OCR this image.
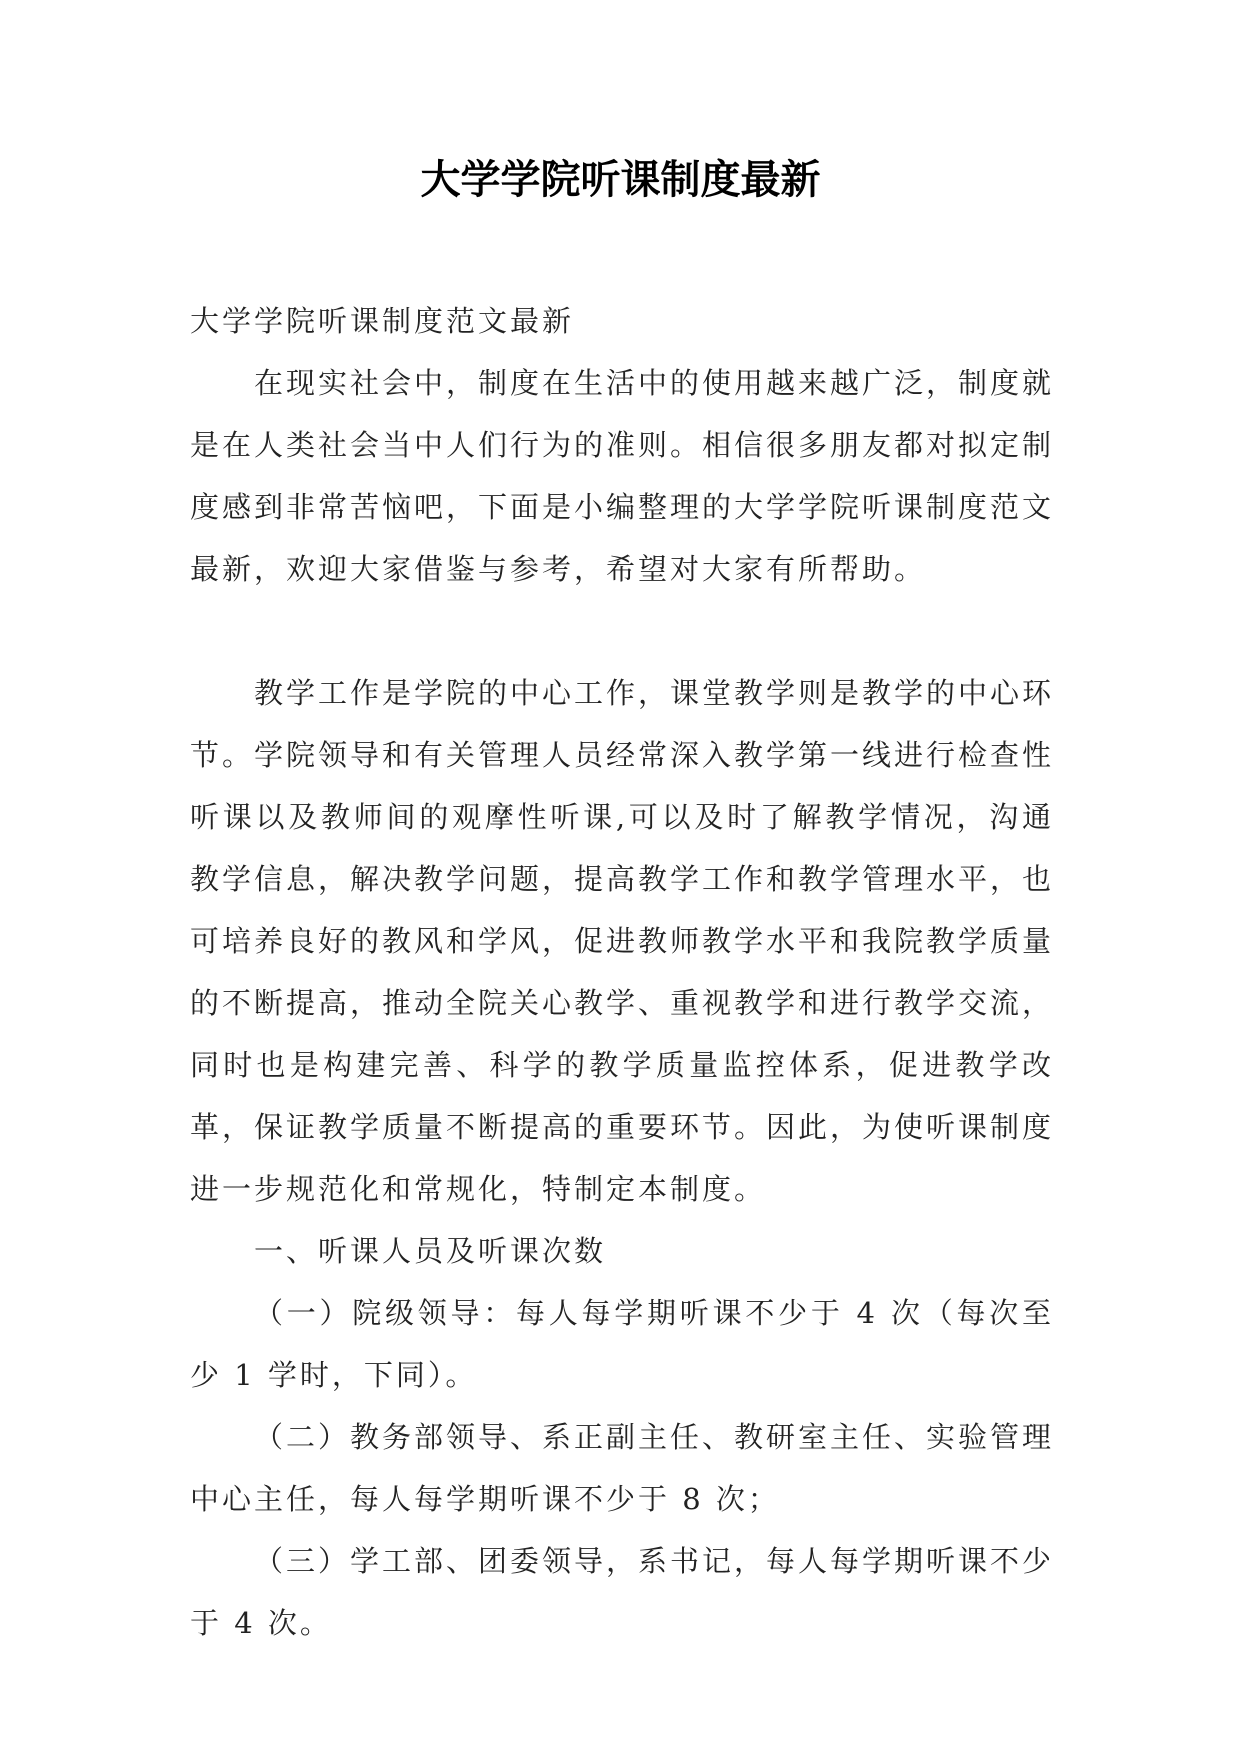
大学学院听课制度最新

大学学院听课制度范文最新

在现实社会中，制度在生活中的使用越来越广泛，制度就是在人类社会当中人们行为的准则。相信很多朋友都对拟定制度感到非常苦恼吧，下面是小编整理的大学学院听课制度范文最新，欢迎大家借鉴与参考，希望对大家有所帮助。

教学工作是学院的中心工作，课堂教学则是教学的中心环节。学院领导和有关管理人员经常深入教学第一线进行检查性听课以及教师间的观摩性听课,可以及时了解教学情况，沟通教学信息，解决教学问题，提高教学工作和教学管理水平，也可培养良好的教风和学风，促进教师教学水平和我院教学质量的不断提高，推动全院关心教学、重视教学和进行教学交流，同时也是构建完善、科学的教学质量监控体系，促进教学改革，保证教学质量不断提高的重要环节。因此，为使听课制度进一步规范化和常规化，特制定本制度。

一、听课人员及听课次数

（一）院级领导：每人每学期听课不少于 4 次（每次至少 1 学时，下同）。

（二）教务部领导、系正副主任、教研室主任、实验管理中心主任，每人每学期听课不少于 8 次；

（三）学工部、团委领导，系书记，每人每学期听课不少于 4 次。
